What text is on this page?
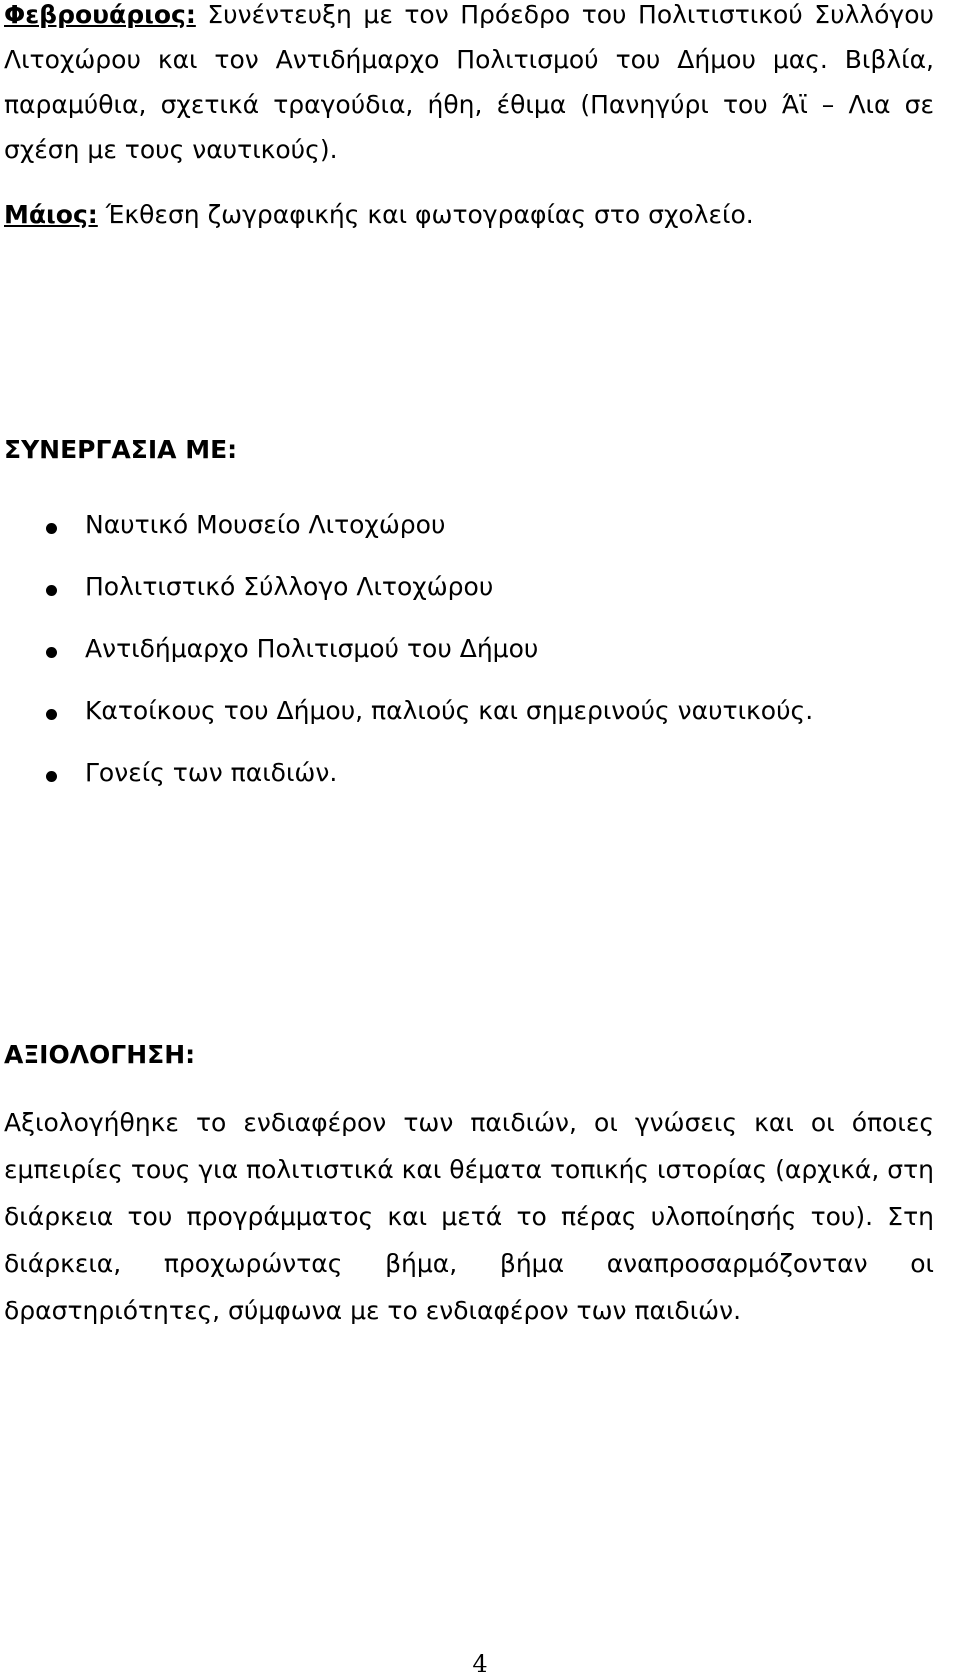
Φεβρουάριος: Συνέντευξη με τον Πρόεδρο του Πολιτιστικού Συλλόγου Λιτοχώρου και τον Αντιδήμαρχο Πολιτισμού του Δήμου μας. Βιβλία, παραμύθια, σχετικά τραγούδια, ήθη, έθιμα (Πανηγύρι του Άϊ – Λια σε σχέση με τους ναυτικούς).

Μάιος: Έκθεση ζωγραφικής και φωτογραφίας στο σχολείο.

ΣΥΝΕΡΓΑΣΙΑ ΜΕ:
Ναυτικό Μουσείο Λιτοχώρου
Πολιτιστικό Σύλλογο Λιτοχώρου
Αντιδήμαρχο Πολιτισμού του Δήμου
Κατοίκους του Δήμου, παλιούς και σημερινούς ναυτικούς.
Γονείς των παιδιών.
ΑΞΙΟΛΟΓΗΣΗ:

Αξιολογήθηκε το ενδιαφέρον των παιδιών, οι γνώσεις και οι όποιες εμπειρίες τους για πολιτιστικά και θέματα τοπικής ιστορίας (αρχικά, στη διάρκεια του προγράμματος και μετά το πέρας υλοποίησής του). Στη διάρκεια, προχωρώντας βήμα, βήμα αναπροσαρμόζονταν οι δραστηριότητες, σύμφωνα με το ενδιαφέρον των παιδιών.

4
